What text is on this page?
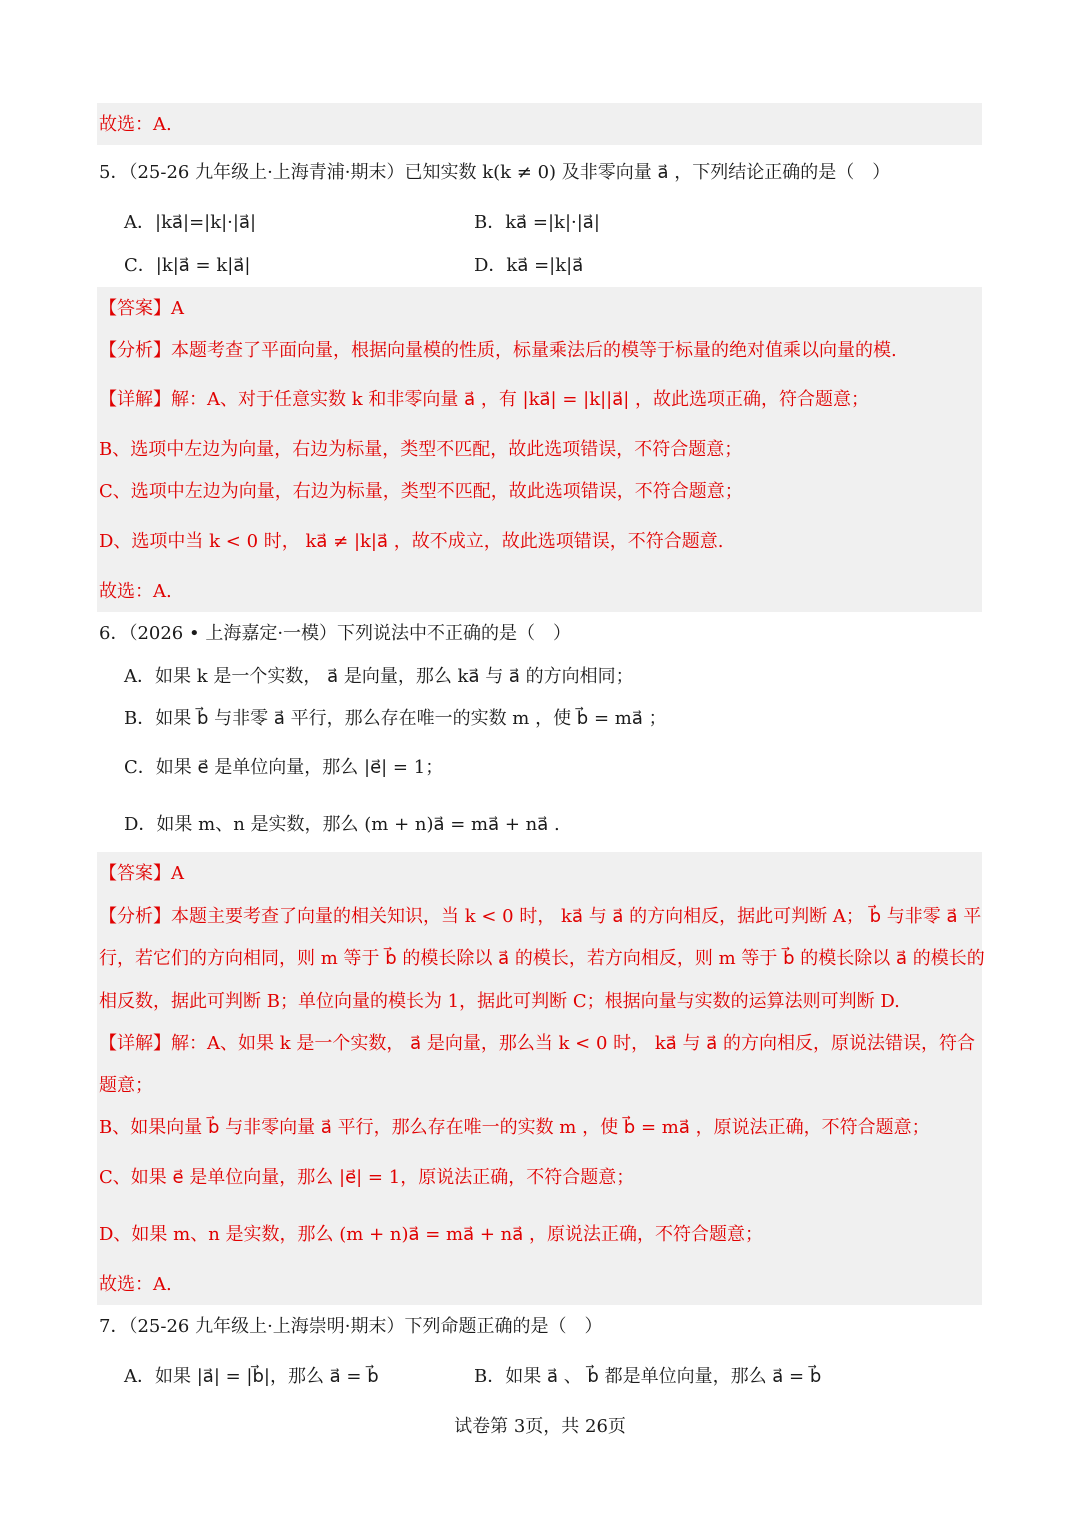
故选：A.
5．（25-26 九年级上·上海青浦·期末）已知实数 k(k ≠ 0) 及非零向量 a⃗ ，下列结论正确的是（　）
A．|ka⃗|=|k|·|a⃗|	B．ka⃗ =|k|·|a⃗|
C．|k|a⃗ = k|a⃗|	D．ka⃗ =|k|a⃗
【答案】A
【分析】本题考查了平面向量，根据向量模的性质，标量乘法后的模等于标量的绝对值乘以向量的模.
【详解】解：A、对于任意实数 k 和非零向量 a⃗ ，有 |ka⃗| = |k||a⃗| ，故此选项正确，符合题意；
B、选项中左边为向量，右边为标量，类型不匹配，故此选项错误，不符合题意；
C、选项中左边为向量，右边为标量，类型不匹配，故此选项错误，不符合题意；
D、选项中当 k < 0 时， ka⃗ ≠ |k|a⃗ ，故不成立，故此选项错误，不符合题意.
故选：A.
6．（2026 • 上海嘉定·一模）下列说法中不正确的是（　）
A．如果 k 是一个实数， a⃗ 是向量，那么 ka⃗ 与 a⃗ 的方向相同；
B．如果 b⃗ 与非零 a⃗ 平行，那么存在唯一的实数 m ，使 b⃗ = ma⃗ ；
C．如果 e⃗ 是单位向量，那么 |e⃗| = 1；
D．如果 m、n 是实数，那么 (m + n)a⃗ = ma⃗ + na⃗ .
【答案】A
【分析】本题主要考查了向量的相关知识，当 k < 0 时， ka⃗ 与 a⃗ 的方向相反，据此可判断 A； b⃗ 与非零 a⃗ 平
行，若它们的方向相同，则 m 等于 b⃗ 的模长除以 a⃗ 的模长，若方向相反，则 m 等于 b⃗ 的模长除以 a⃗ 的模长的
相反数，据此可判断 B；单位向量的模长为 1，据此可判断 C；根据向量与实数的运算法则可判断 D.
【详解】解：A、如果 k 是一个实数， a⃗ 是向量，那么当 k < 0 时， ka⃗ 与 a⃗ 的方向相反，原说法错误，符合
题意；
B、如果向量 b⃗ 与非零向量 a⃗ 平行，那么存在唯一的实数 m ，使 b⃗ = ma⃗ ，原说法正确，不符合题意；
C、如果 e⃗ 是单位向量，那么 |e⃗| = 1，原说法正确，不符合题意；
D、如果 m、n 是实数，那么 (m + n)a⃗ = ma⃗ + na⃗ ，原说法正确，不符合题意；
故选：A.
7．（25-26 九年级上·上海崇明·期末）下列命题正确的是（　）
A．如果 |a⃗| = |b⃗|，那么 a⃗ = b⃗	B．如果 a⃗ 、 b⃗ 都是单位向量，那么 a⃗ = b⃗
试卷第 3页，共 26页
